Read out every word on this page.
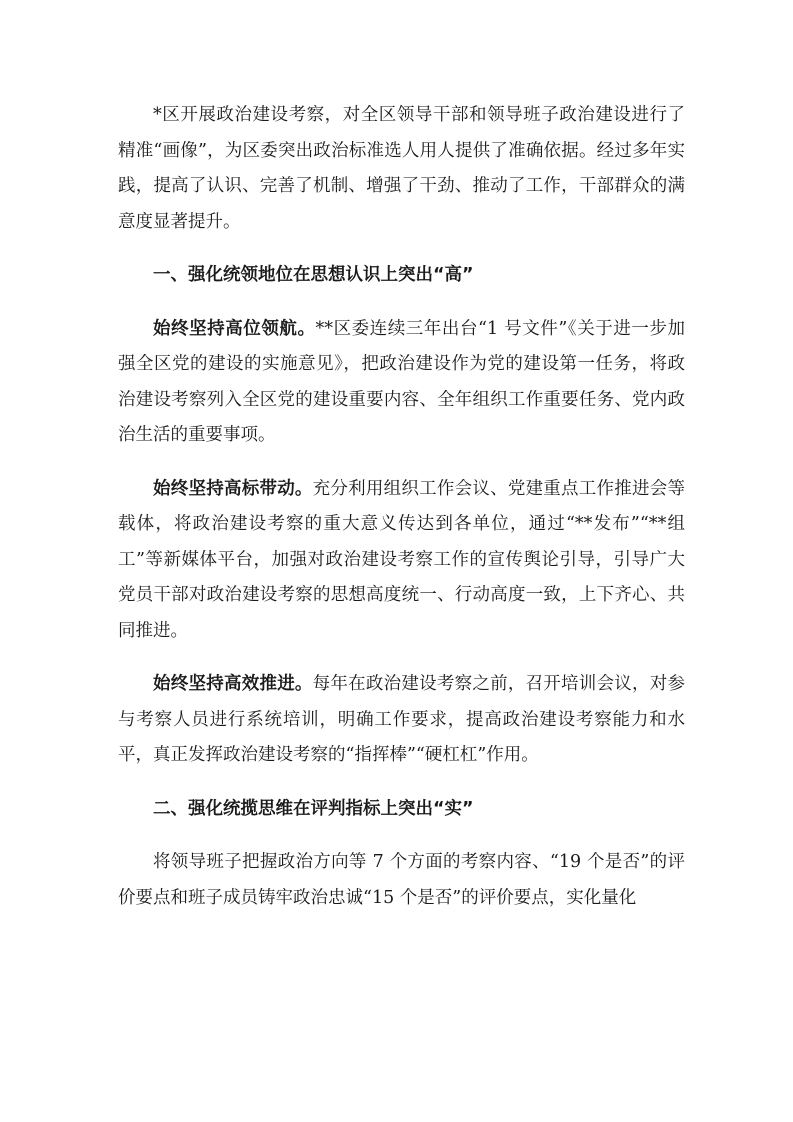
*区开展政治建设考察，对全区领导干部和领导班子政治建设进行了精准“画像”，为区委突出政治标准选人用人提供了准确依据。经过多年实践，提高了认识、完善了机制、增强了干劲、推动了工作，干部群众的满意度显著提升。

一、强化统领地位在思想认识上突出“高”

始终坚持高位领航。**区委连续三年出台“1 号文件”《关于进一步加强全区党的建设的实施意见》，把政治建设作为党的建设第一任务，将政治建设考察列入全区党的建设重要内容、全年组织工作重要任务、党内政治生活的重要事项。

始终坚持高标带动。充分利用组织工作会议、党建重点工作推进会等载体，将政治建设考察的重大意义传达到各单位，通过“**发布”“**组工”等新媒体平台，加强对政治建设考察工作的宣传舆论引导，引导广大党员干部对政治建设考察的思想高度统一、行动高度一致，上下齐心、共同推进。

始终坚持高效推进。每年在政治建设考察之前，召开培训会议，对参与考察人员进行系统培训，明确工作要求，提高政治建设考察能力和水平，真正发挥政治建设考察的“指挥棒”“硬杠杠”作用。

二、强化统揽思维在评判指标上突出“实”

将领导班子把握政治方向等 7 个方面的考察内容、“19 个是否”的评价要点和班子成员铸牢政治忠诚“15 个是否”的评价要点，实化量化
